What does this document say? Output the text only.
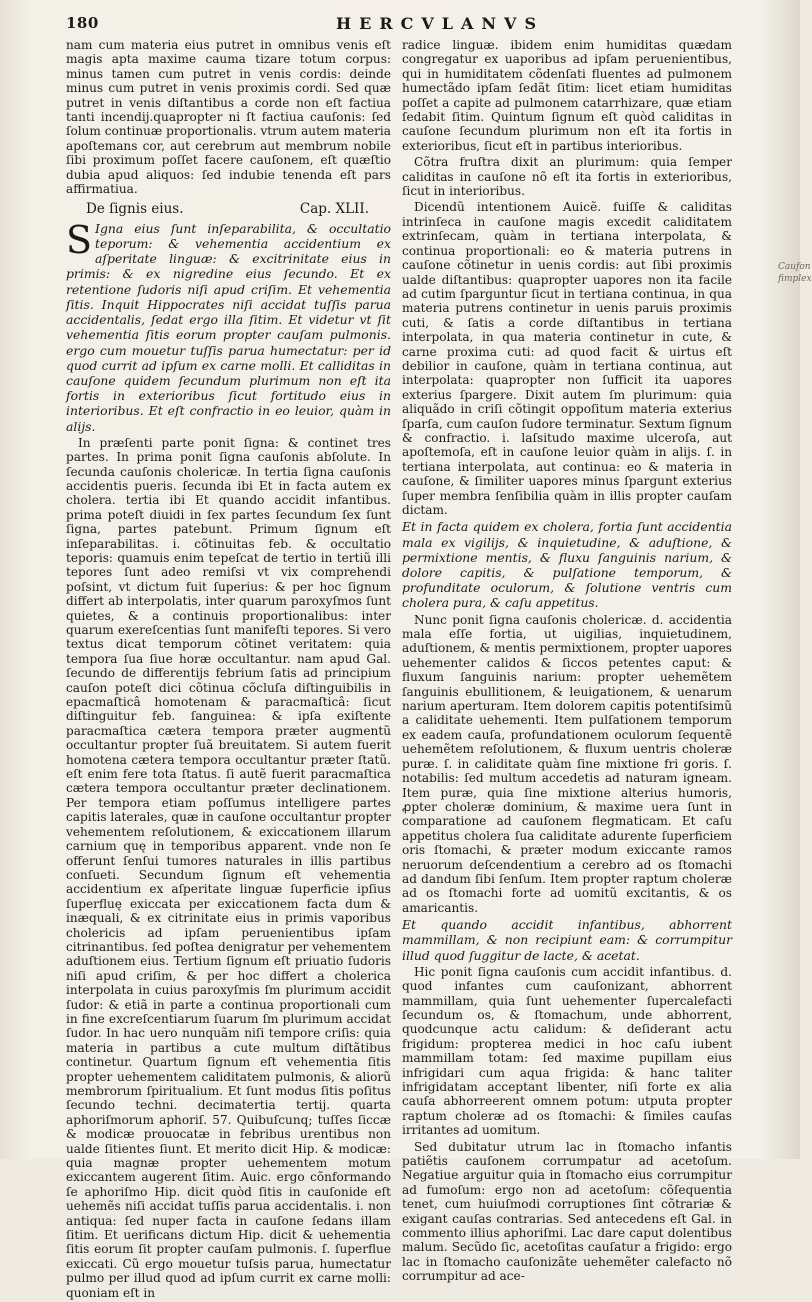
180	HERCVLANVS
Caufon
fimplex

nam cum materia eius putret in omnibus venis eſt magis apta maxime cauma tizare totum corpus: minus tamen cum putret in venis cordis: deinde minus cum putret in venis proximis cordi. Sed quæ putret in venis diſtantibus a corde non eſt factiua tanti incendij.quapropter ni ſt factiua cauſonis: ſed ſolum continuæ proportionalis. vtrum autem materia apoſtemans cor, aut cerebrum aut membrum nobile ſibi proximum poſſet facere cauſonem, eſt quæſtio dubia apud aliquos: ſed indubie tenenda eſt pars affirmatiua.

De ſignis eius.	Cap. XLII.

S Igna eius ſunt inſeparabilita, & occultatio teporum: & vehementia accidentium ex aſperitate linguæ: & excitrinitate eius in primis: & ex nigredine eius ſecundo. Et ex retentione ſudoris niſi apud criſim. Et vehementia ſitis. Inquit Hippocrates niſi accidat tuſſis parua accidentalis, ſedat ergo illa ſitim. Et videtur vt ſit vehementia ſitis eorum propter cauſam pulmonis. ergo cum mouetur tuſſis parua humectatur: per id quod currit ad ipſum ex carne molli. Et calliditas in cauſone quidem ſecundum plurimum non eſt ita fortis in exterioribus ſicut fortitudo eius in interioribus. Et eſt confractio in eo leuior, quàm in alijs.

In præſenti parte ponit ſigna: & continet tres partes. In prima ponit ſigna cauſonis abſolute. In ſecunda cauſonis cholericæ. In tertia ſigna cauſonis accidentis pueris. ſecunda ibi Et in facta autem ex cholera. tertia ibi Et quando accidit infantibus. prima poteſt diuidi in ſex partes ſecundum ſex ſunt ſigna, partes patebunt. Primum ſignum eſt inſeparabilitas. i. cõtinuitas feb. & occultatio teporis: quamuis enim tepeſcat de tertio in tertiũ illi tepores ſunt adeo remiſsi vt vix comprehendi poſsint, vt dictum fuit ſuperius: & per hoc ſignum differt ab interpolatis, inter quarum paroxyſmos ſunt quietes, & a continuis proportionalibus: inter quarum exereſcentias ſunt manifeſti tepores. Si vero textus dicat temporum cõtinet veritatem: quia tempora ſua ſiue horæ occultantur. nam apud Gal. ſecundo de differentijs febrium ſatis ad principium cauſon poteſt dici cõtinua cõcluſa diſtinguibilis in epacmaſticâ homotenam & paracmaſticâ: ſicut diſtinguitur feb. ſanguinea: & ipſa exiſtente paracmaſtica cætera tempora præter augmentũ occultantur propter ſuã breuitatem. Si autem fuerit homotena cætera tempora occultantur præter ſtatũ. eſt enim fere tota ſtatus. ſi autẽ fuerit paracmaſtica cætera tempora occultantur præter declinationem. Per tempora etiam poſſumus intelligere partes capitis laterales, quæ in cauſone occultantur propter vehementem reſolutionem, & exiccationem illarum carnium quę in temporibus apparent. vnde non ſe offerunt ſenſui tumores naturales in illis partibus conſueti. Secundum ſignum eſt vehementia accidentium ex aſperitate linguæ ſuperficie ipſius ſuperfluę exiccata per exiccationem facta dum & inæquali, & ex citrinitate eius in primis vaporibus cholericis ad ipſam peruenientibus ipſam citrinantibus. ſed poſtea denigratur per vehementem aduſtionem eius. Tertium ſignum eſt priuatio ſudoris niſi apud criſim, & per hoc differt a cholerica interpolata in cuius paroxyſmis ſm plurimum accidit ſudor: & etiã in parte a continua proportionali cum in fine excreſcentiarum ſuarum ſm plurimum accidat ſudor. In hac uero nunquãm niſi tempore criſis: quia materia in partibus a cute multum diſtãtibus continetur. Quartum ſignum eſt vehementia ſitis propter uehementem caliditatem pulmonis, & aliorũ membrorum ſpiritualium. Et ſunt modus ſitis poſitus ſecundo techni. decimatertia tertij. quarta aphoriſmorum aphoriſ. 57. Quibuſcunq; tuſſes ſiccæ & modicæ prouocatæ in febribus urentibus non ualde ſitientes ſiunt. Et merito dicit Hip. & modicæ: quia magnæ propter uehementem motum exiccantem augerent ſitim. Auic. ergo cõnformando ſe aphoriſmo Hip. dicit quòd ſitis in cauſonide eſt uehemẽs niſi accidat tuſſis parua accidentalis. i. non antiqua: ſed nuper facta in cauſone ſedans illam ſitim. Et uerificans dictum Hip. dicit & uehementia ſitis eorum ſit propter cauſam pulmonis. ſ. ſuperflue exiccati. Cũ ergo mouetur tuſsis parua, humectatur pulmo per illud quod ad ipſum currit ex carne molli: quoniam eſt in

radice linguæ. ibidem enim humiditas quædam congregatur ex uaporibus ad ipſam peruenientibus, qui in humiditatem cõdenſati fluentes ad pulmonem humectãdo ipſam ſedãt ſitim: licet etiam humiditas poſſet a capite ad pulmonem catarrhizare, quæ etiam ſedabit ſitim. Quintum ſignum eſt quòd caliditas in cauſone ſecundum plurimum non eſt ita fortis in exterioribus, ſicut eſt in partibus interioribus.

Cõtra fruſtra dixit an plurimum: quia ſemper caliditas in cauſone nõ eſt ita fortis in exterioribus, ſicut in interioribus.

Dicendũ intentionem Auicẽ. fuiſſe & caliditas intrinſeca in cauſone magis excedit caliditatem extrinſecam, quàm in tertiana interpolata, & continua proportionali: eo & materia putrens in cauſone cõtinetur in uenis cordis: aut ſibi proximis ualde diſtantibus: quapropter uapores non ita facile ad cutim ſparguntur ſicut in tertiana continua, in qua materia putrens continetur in uenis paruis proximis cuti, & ſatis a corde diſtantibus in tertiana interpolata, in qua materia continetur in cute, & carne proxima cuti: ad quod facit & uirtus eſt debilior in cauſone, quàm in tertiana continua, aut interpolata: quapropter non ſufficit ita uapores exterius ſpargere. Dixit autem ſm plurimum: quia aliquãdo in criſi cõtingit oppoſitum materia exterius ſparſa, cum cauſon ſudore terminatur. Sextum ſignum & confractio. i. laſsitudo maxime ulceroſa, aut apoſtemoſa, eſt in cauſone leuior quàm in alijs. ſ. in tertiana interpolata, aut continua: eo & materia in cauſone, & ſimiliter uapores minus ſpargunt exterius ſuper membra ſenſibilia quàm in illis propter cauſam dictam.

Et in facta quidem ex cholera, fortia ſunt accidentia mala ex vigilijs, & inquietudine, & aduſtione, & permixtione mentis, & fluxu ſanguinis narium, & dolore capitis, & pulſatione temporum, & profunditate oculorum, & ſolutione ventris cum cholera pura, & caſu appetitus.

Nunc ponit ſigna cauſonis cholericæ. d. accidentia mala eſſe fortia, ut uigilias, inquietudinem, aduſtionem, & mentis permixtionem, propter uapores uehementer calidos & ſiccos petentes caput: & fluxum ſanguinis narium: propter uehemẽtem ſanguinis ebullitionem, & leuigationem, & uenarum narium aperturam. Item dolorem capitis potentiſsimũ a caliditate uehementi. Item pulſationem temporum ex eadem cauſa, profundationem oculorum ſequentẽ uehemẽtem reſolutionem, & fluxum uentris choleræ puræ. ſ. in caliditate quàm ſine mixtione fri goris. ſ. notabilis: ſed multum accedetis ad naturam igneam. Item puræ, quia ſine mixtione alterius humoris, ꝓpter choleræ dominium, & maxime uera ſunt in comparatione ad cauſonem flegmaticam. Et caſu appetitus cholera ſua caliditate adurente ſuperficiem oris ſtomachi, & præter modum exiccante ramos neruorum deſcendentium a cerebro ad os ſtomachi ad dandum ſibi ſenſum. Item propter raptum choleræ ad os ſtomachi forte ad uomitũ excitantis, & os amaricantis.

Et quando accidit infantibus, abhorrent mammillam, & non recipiunt eam: & corrumpitur illud quod ſuggitur de lacte, & acetat.

Hic ponit ſigna cauſonis cum accidit infantibus. d. quod infantes cum cauſonizant, abhorrent mammillam, quia ſunt uehementer ſupercalefacti ſecundum os, & ſtomachum, unde abhorrent, quodcunque actu calidum: & deſiderant actu frigidum: propterea medici in hoc caſu iubent mammillam totam: ſed maxime pupillam eius infrigidari cum aqua frigida: & hanc taliter infrigidatam acceptant libenter, niſi forte ex alia cauſa abhorreerent omnem potum: utputa propter raptum choleræ ad os ſtomachi: & ſimiles cauſas irritantes ad uomitum.

Sed dubitatur utrum lac in ſtomacho infantis patiẽtis cauſonem corrumpatur ad acetoſum. Negatiue arguitur quia in ſtomacho eius corrumpitur ad fumoſum: ergo non ad acetoſum: cõſequentia tenet, cum huiuſmodi corruptiones ſint cõtrariæ & exigant cauſas contrarias. Sed antecedens eſt Gal. in commento illius aphoriſmi. Lac dare caput dolentibus malum. Secũdo ſic, acetoſitas cauſatur a frigido: ergo lac in ſtomacho cauſonizãte uehemẽter calefacto nõ corrumpitur ad ace-
